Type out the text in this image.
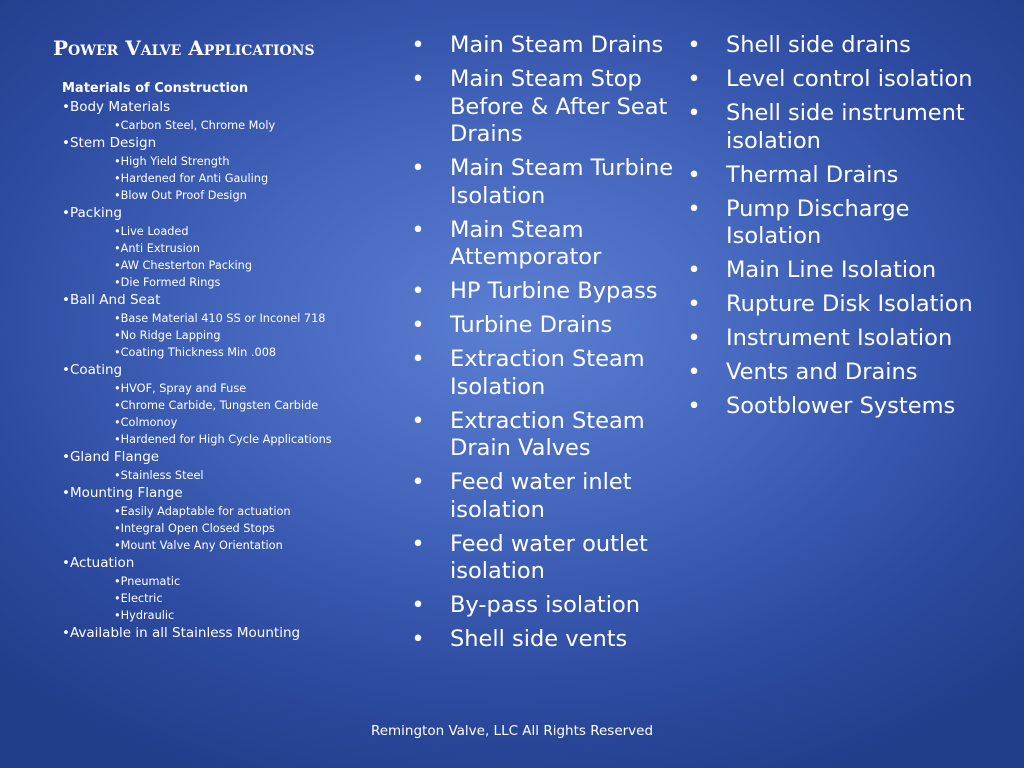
Power Valve Applications

Materials of Construction

•Body Materials
•Carbon Steel, Chrome Moly
•Stem Design
•High Yield Strength
•Hardened for Anti Gauling
•Blow Out Proof Design
•Packing
•Live Loaded
•Anti Extrusion
•AW Chesterton Packing
•Die Formed Rings
•Ball And Seat
•Base Material 410 SS or Inconel 718
•No Ridge Lapping
•Coating Thickness Min .008
•Coating
•HVOF, Spray and Fuse
•Chrome Carbide, Tungsten Carbide
•Colmonoy
•Hardened for High Cycle Applications
•Gland Flange
•Stainless Steel
•Mounting Flange
•Easily Adaptable for actuation
•Integral Open Closed Stops
•Mount Valve Any Orientation
•Actuation
•Pneumatic
•Electric
•Hydraulic
•Available in all Stainless Mounting
• Main Steam Drains
• Main Steam Stop Before & After Seat Drains
• Main Steam Turbine Isolation
• Main Steam Attemporator
• HP Turbine Bypass
• Turbine Drains
• Extraction Steam Isolation
• Extraction Steam Drain Valves
• Feed water inlet isolation
• Feed water outlet isolation
• By-pass isolation
• Shell side vents
• Shell side drains
• Level control isolation
• Shell side instrument isolation
• Thermal Drains
• Pump Discharge Isolation
• Main Line Isolation
• Rupture Disk Isolation
• Instrument Isolation
• Vents and Drains
• Sootblower Systems

Remington Valve, LLC All Rights Reserved
